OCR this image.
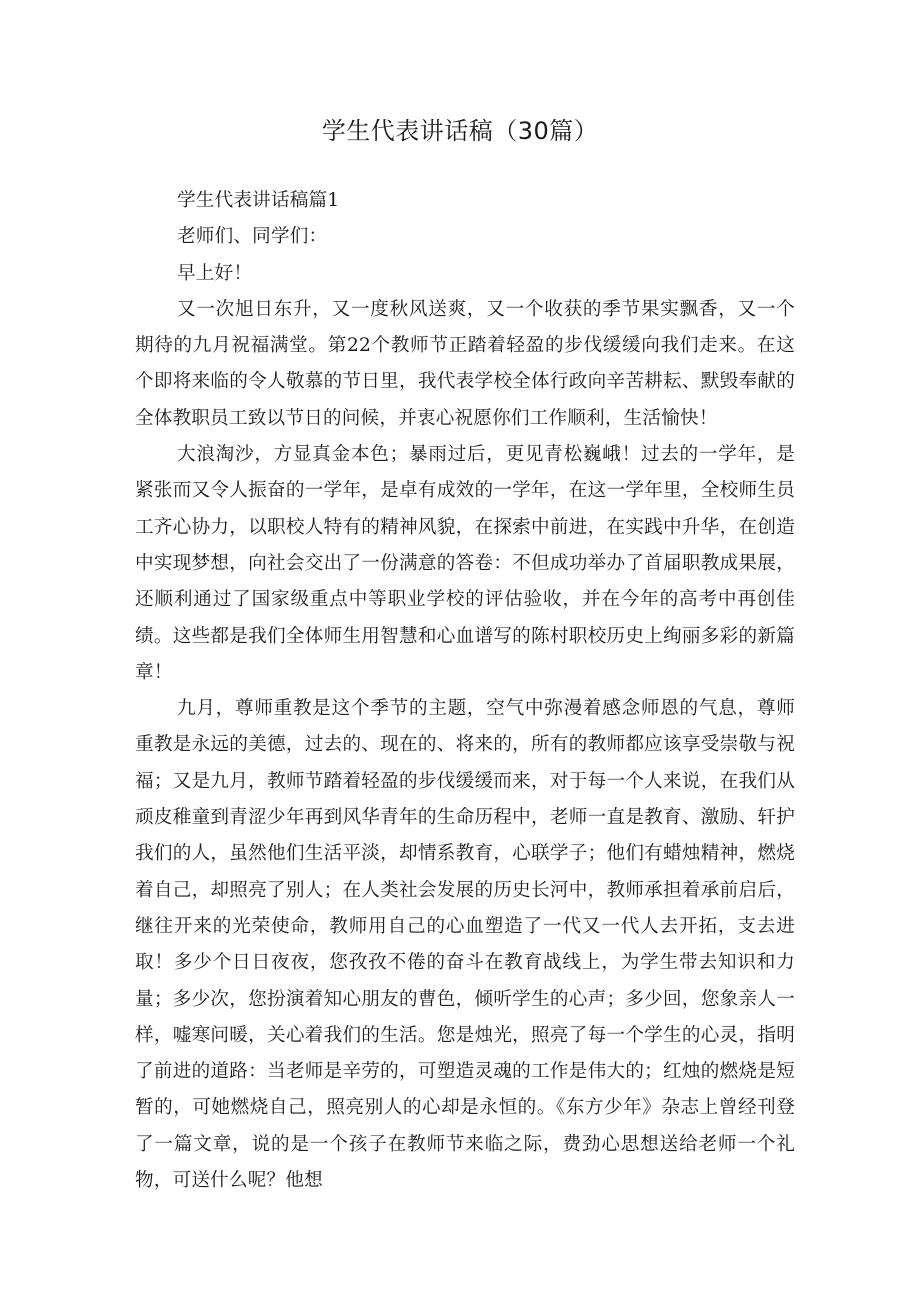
学生代表讲话稿（30篇）

学生代表讲话稿篇1

老师们、同学们：

早上好！

又一次旭日东升，又一度秋风送爽，又一个收获的季节果实飘香，又一个期待的九月祝福满堂。第22个教师节正踏着轻盈的步伐缓缓向我们走来。在这个即将来临的令人敬慕的节日里，我代表学校全体行政向辛苦耕耘、默毁奉献的全体教职员工致以节日的问候，并衷心祝愿你们工作顺利，生活愉快！

大浪淘沙，方显真金本色；暴雨过后，更见青松巍峨！过去的一学年，是紧张而又令人振奋的一学年，是卓有成效的一学年，在这一学年里，全校师生员工齐心协力，以职校人特有的精神风貌，在探索中前进，在实践中升华，在创造中实现梦想，向社会交出了一份满意的答卷：不但成功举办了首届职教成果展，还顺利通过了国家级重点中等职业学校的评估验收，并在今年的高考中再创佳绩。这些都是我们全体师生用智慧和心血谱写的陈村职校历史上绚丽多彩的新篇章！

九月，尊师重教是这个季节的主题，空气中弥漫着感念师恩的气息，尊师重教是永远的美德，过去的、现在的、将来的，所有的教师都应该享受崇敬与祝福；又是九月，教师节踏着轻盈的步伐缓缓而来，对于每一个人来说，在我们从顽皮稚童到青涩少年再到风华青年的生命历程中，老师一直是教育、激励、轩护我们的人，虽然他们生活平淡，却情系教育，心联学子；他们有蜡烛精神，燃烧着自己，却照亮了别人；在人类社会发展的历史长河中，教师承担着承前启后，继往开来的光荣使命，教师用自己的心血塑造了一代又一代人去开拓，支去进取！多少个日日夜夜，您孜孜不倦的奋斗在教育战线上，为学生带去知识和力量；多少次，您扮演着知心朋友的曹色，倾听学生的心声；多少回，您象亲人一样，嘘寒问暖，关心着我们的生活。您是烛光，照亮了每一个学生的心灵，指明了前进的道路：当老师是辛劳的，可塑造灵魂的工作是伟大的；红烛的燃烧是短暂的，可她燃烧自己，照亮别人的心却是永恒的。《东方少年》杂志上曾经刊登了一篇文章，说的是一个孩子在教师节来临之际，费劲心思想送给老师一个礼物，可送什么呢？他想
